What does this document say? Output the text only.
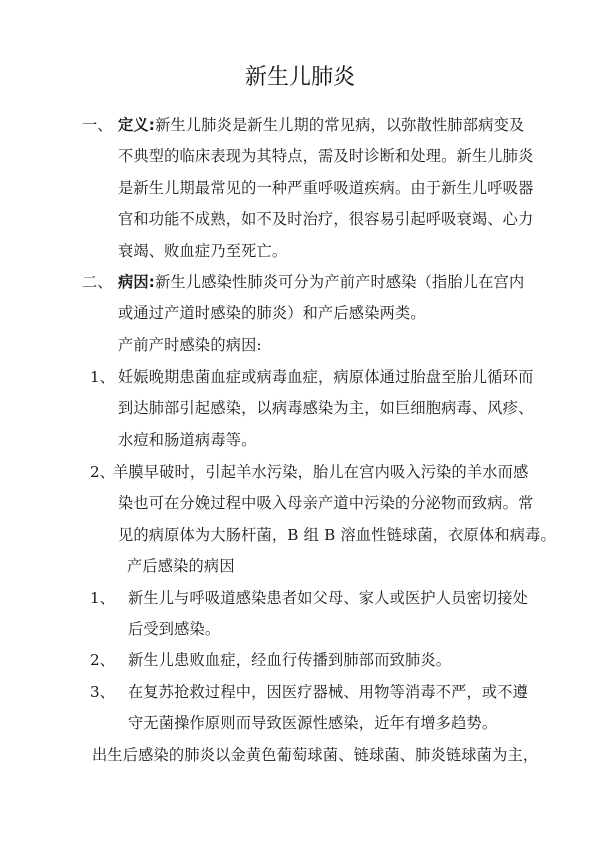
新生儿肺炎
一、 定义:新生儿肺炎是新生儿期的常见病，以弥散性肺部病变及
不典型的临床表现为其特点，需及时诊断和处理。新生儿肺炎
是新生儿期最常见的一种严重呼吸道疾病。由于新生儿呼吸器
官和功能不成熟，如不及时治疗，很容易引起呼吸衰竭、心力
衰竭、败血症乃至死亡。
二、 病因:新生儿感染性肺炎可分为产前产时感染（指胎儿在宫内
或通过产道时感染的肺炎）和产后感染两类。
产前产时感染的病因:
1、 妊娠晚期患菌血症或病毒血症，病原体通过胎盘至胎儿循环而
到达肺部引起感染，以病毒感染为主，如巨细胞病毒、风疹、
水痘和肠道病毒等。
2、
羊膜早破时，引起羊水污染，胎儿在宫内吸入污染的羊水而感
染也可在分娩过程中吸入母亲产道中污染的分泌物而致病。常
见的病原体为大肠杆菌，B 组 B 溶血性链球菌，衣原体和病毒。
产后感染的病因
1、 新生儿与呼吸道感染患者如父母、家人或医护人员密切接处
后受到感染。
2、 新生儿患败血症，经血行传播到肺部而致肺炎。
3、 在复苏抢救过程中，因医疗器械、用物等消毒不严，或不遵
守无菌操作原则而导致医源性感染，近年有增多趋势。
出生后感染的肺炎以金黄色葡萄球菌、链球菌、肺炎链球菌为主，
